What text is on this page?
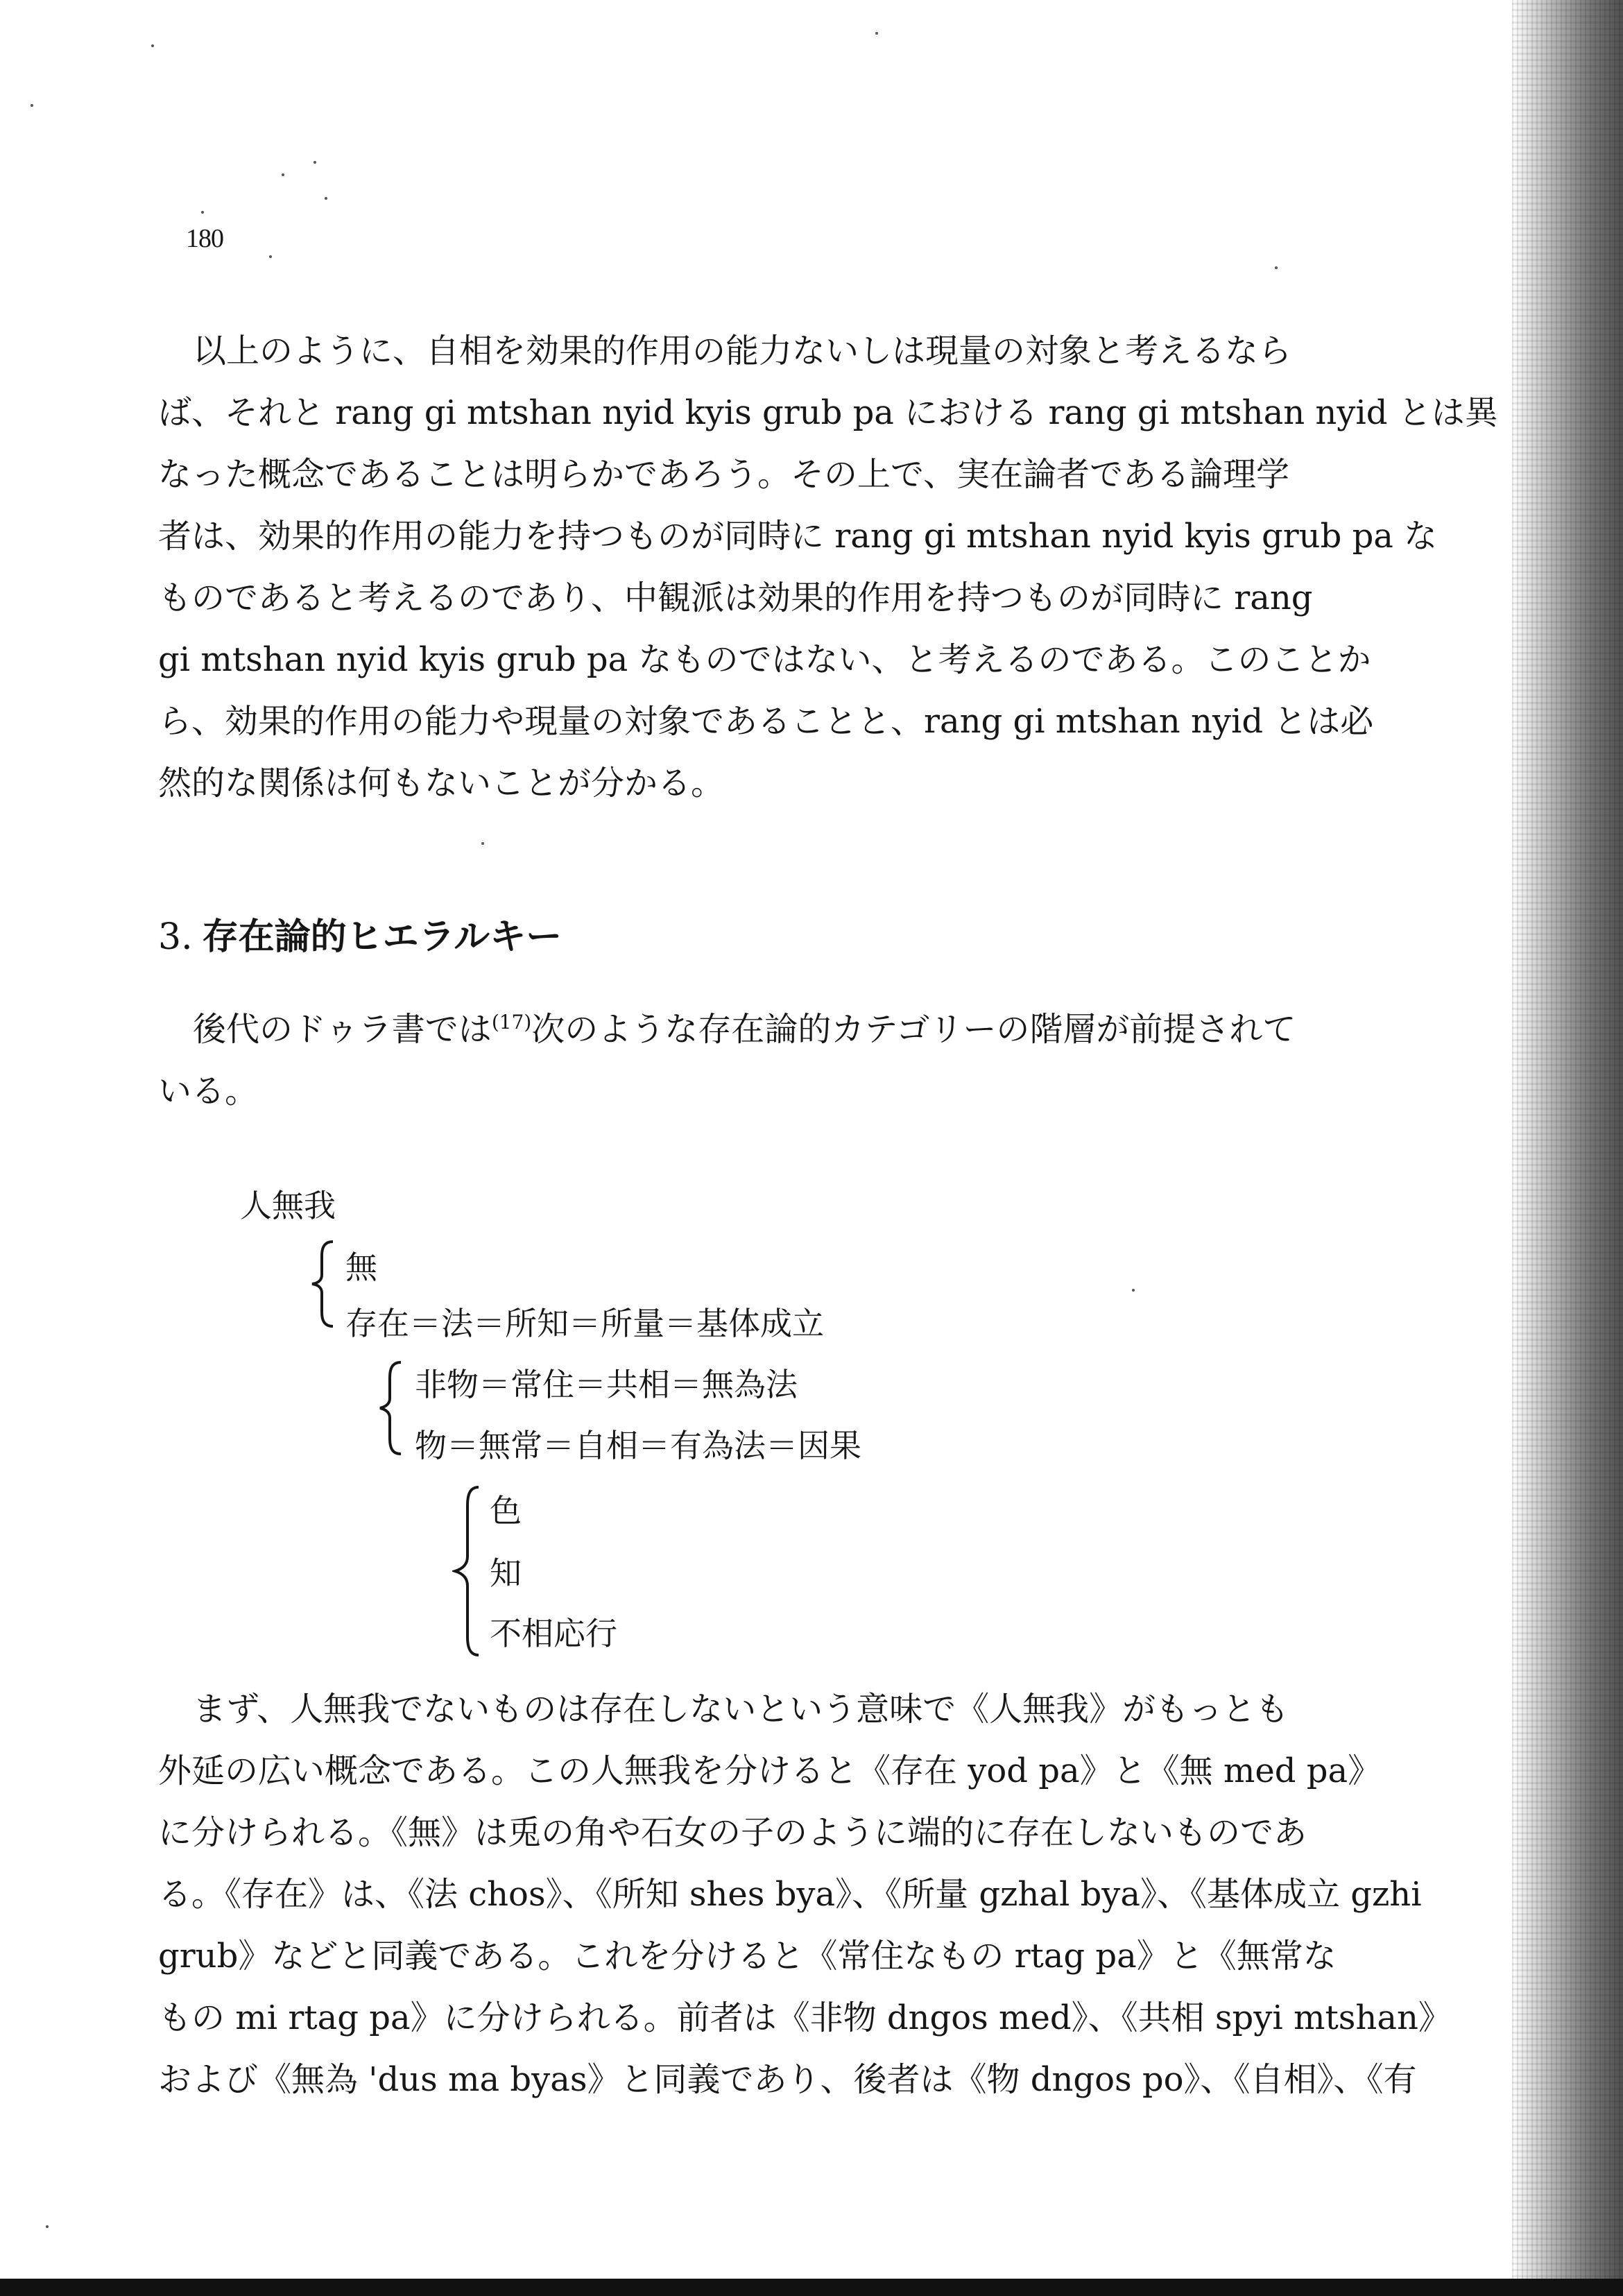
180

以上のように、自相を効果的作用の能力ないしは現量の対象と考えるなら
ば、それと rang gi mtshan nyid kyis grub pa における rang gi mtshan nyid とは異
なった概念であることは明らかであろう。その上で、実在論者である論理学
者は、効果的作用の能力を持つものが同時に rang gi mtshan nyid kyis grub pa な
ものであると考えるのであり、中観派は効果的作用を持つものが同時に rang
gi mtshan nyid kyis grub pa なものではない、と考えるのである。このことか
ら、効果的作用の能力や現量の対象であることと、rang gi mtshan nyid とは必
然的な関係は何もないことが分かる。

3. 存在論的ヒエラルキー

後代のドゥラ書では$^{(17)}$次のような存在論的カテゴリーの階層が前提されて
いる。

人無我
無
存在＝法＝所知＝所量＝基体成立
非物＝常住＝共相＝無為法
物＝無常＝自相＝有為法＝因果
色
知
不相応行

まず、人無我でないものは存在しないという意味で《人無我》がもっとも
外延の広い概念である。この人無我を分けると《存在 yod pa》と《無 med pa》
に分けられる。《無》は兎の角や石女の子のように端的に存在しないものであ
る。《存在》は、《法 chos》、《所知 shes bya》、《所量 gzhal bya》、《基体成立 gzhi
grub》などと同義である。これを分けると《常住なもの rtag pa》と《無常な
もの mi rtag pa》に分けられる。前者は《非物 dngos med》、《共相 spyi mtshan》
および《無為 'dus ma byas》と同義であり、後者は《物 dngos po》、《自相》、《有
